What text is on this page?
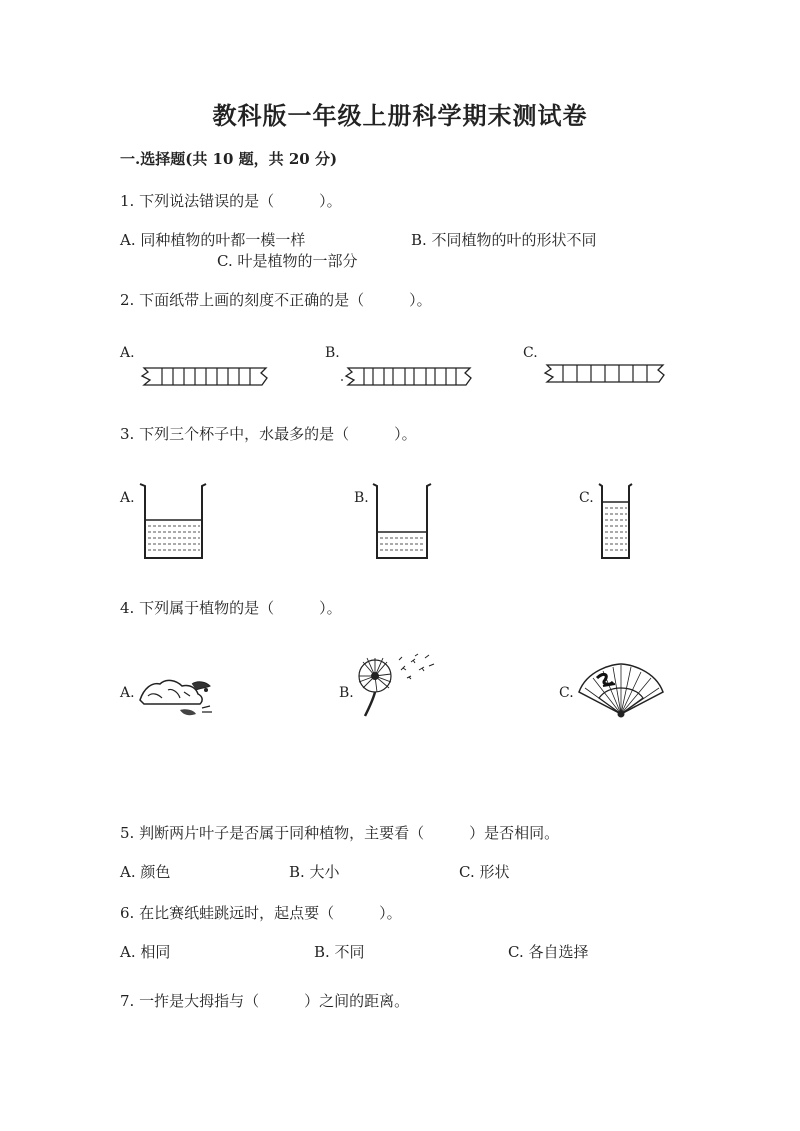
教科版一年级上册科学期末测试卷
一.选择题(共 10 题，共 20 分)
1. 下列说法错误的是（　　　）。
A. 同种植物的叶都一模一样	B. 不同植物的叶的形状不同
C. 叶是植物的一部分
2. 下面纸带上画的刻度不正确的是（　　　）。
A.	B.	C.
3. 下列三个杯子中，水最多的是（　　　）。
A.	B.	C.
4. 下列属于植物的是（　　　）。
A.	B.	C.
5. 判断两片叶子是否属于同种植物，主要看（　　　）是否相同。
A. 颜色	B. 大小	C. 形状
6. 在比赛纸蛙跳远时，起点要（　　　）。
A. 相同	B. 不同	C. 各自选择
7. 一拃是大拇指与（　　　）之间的距离。
